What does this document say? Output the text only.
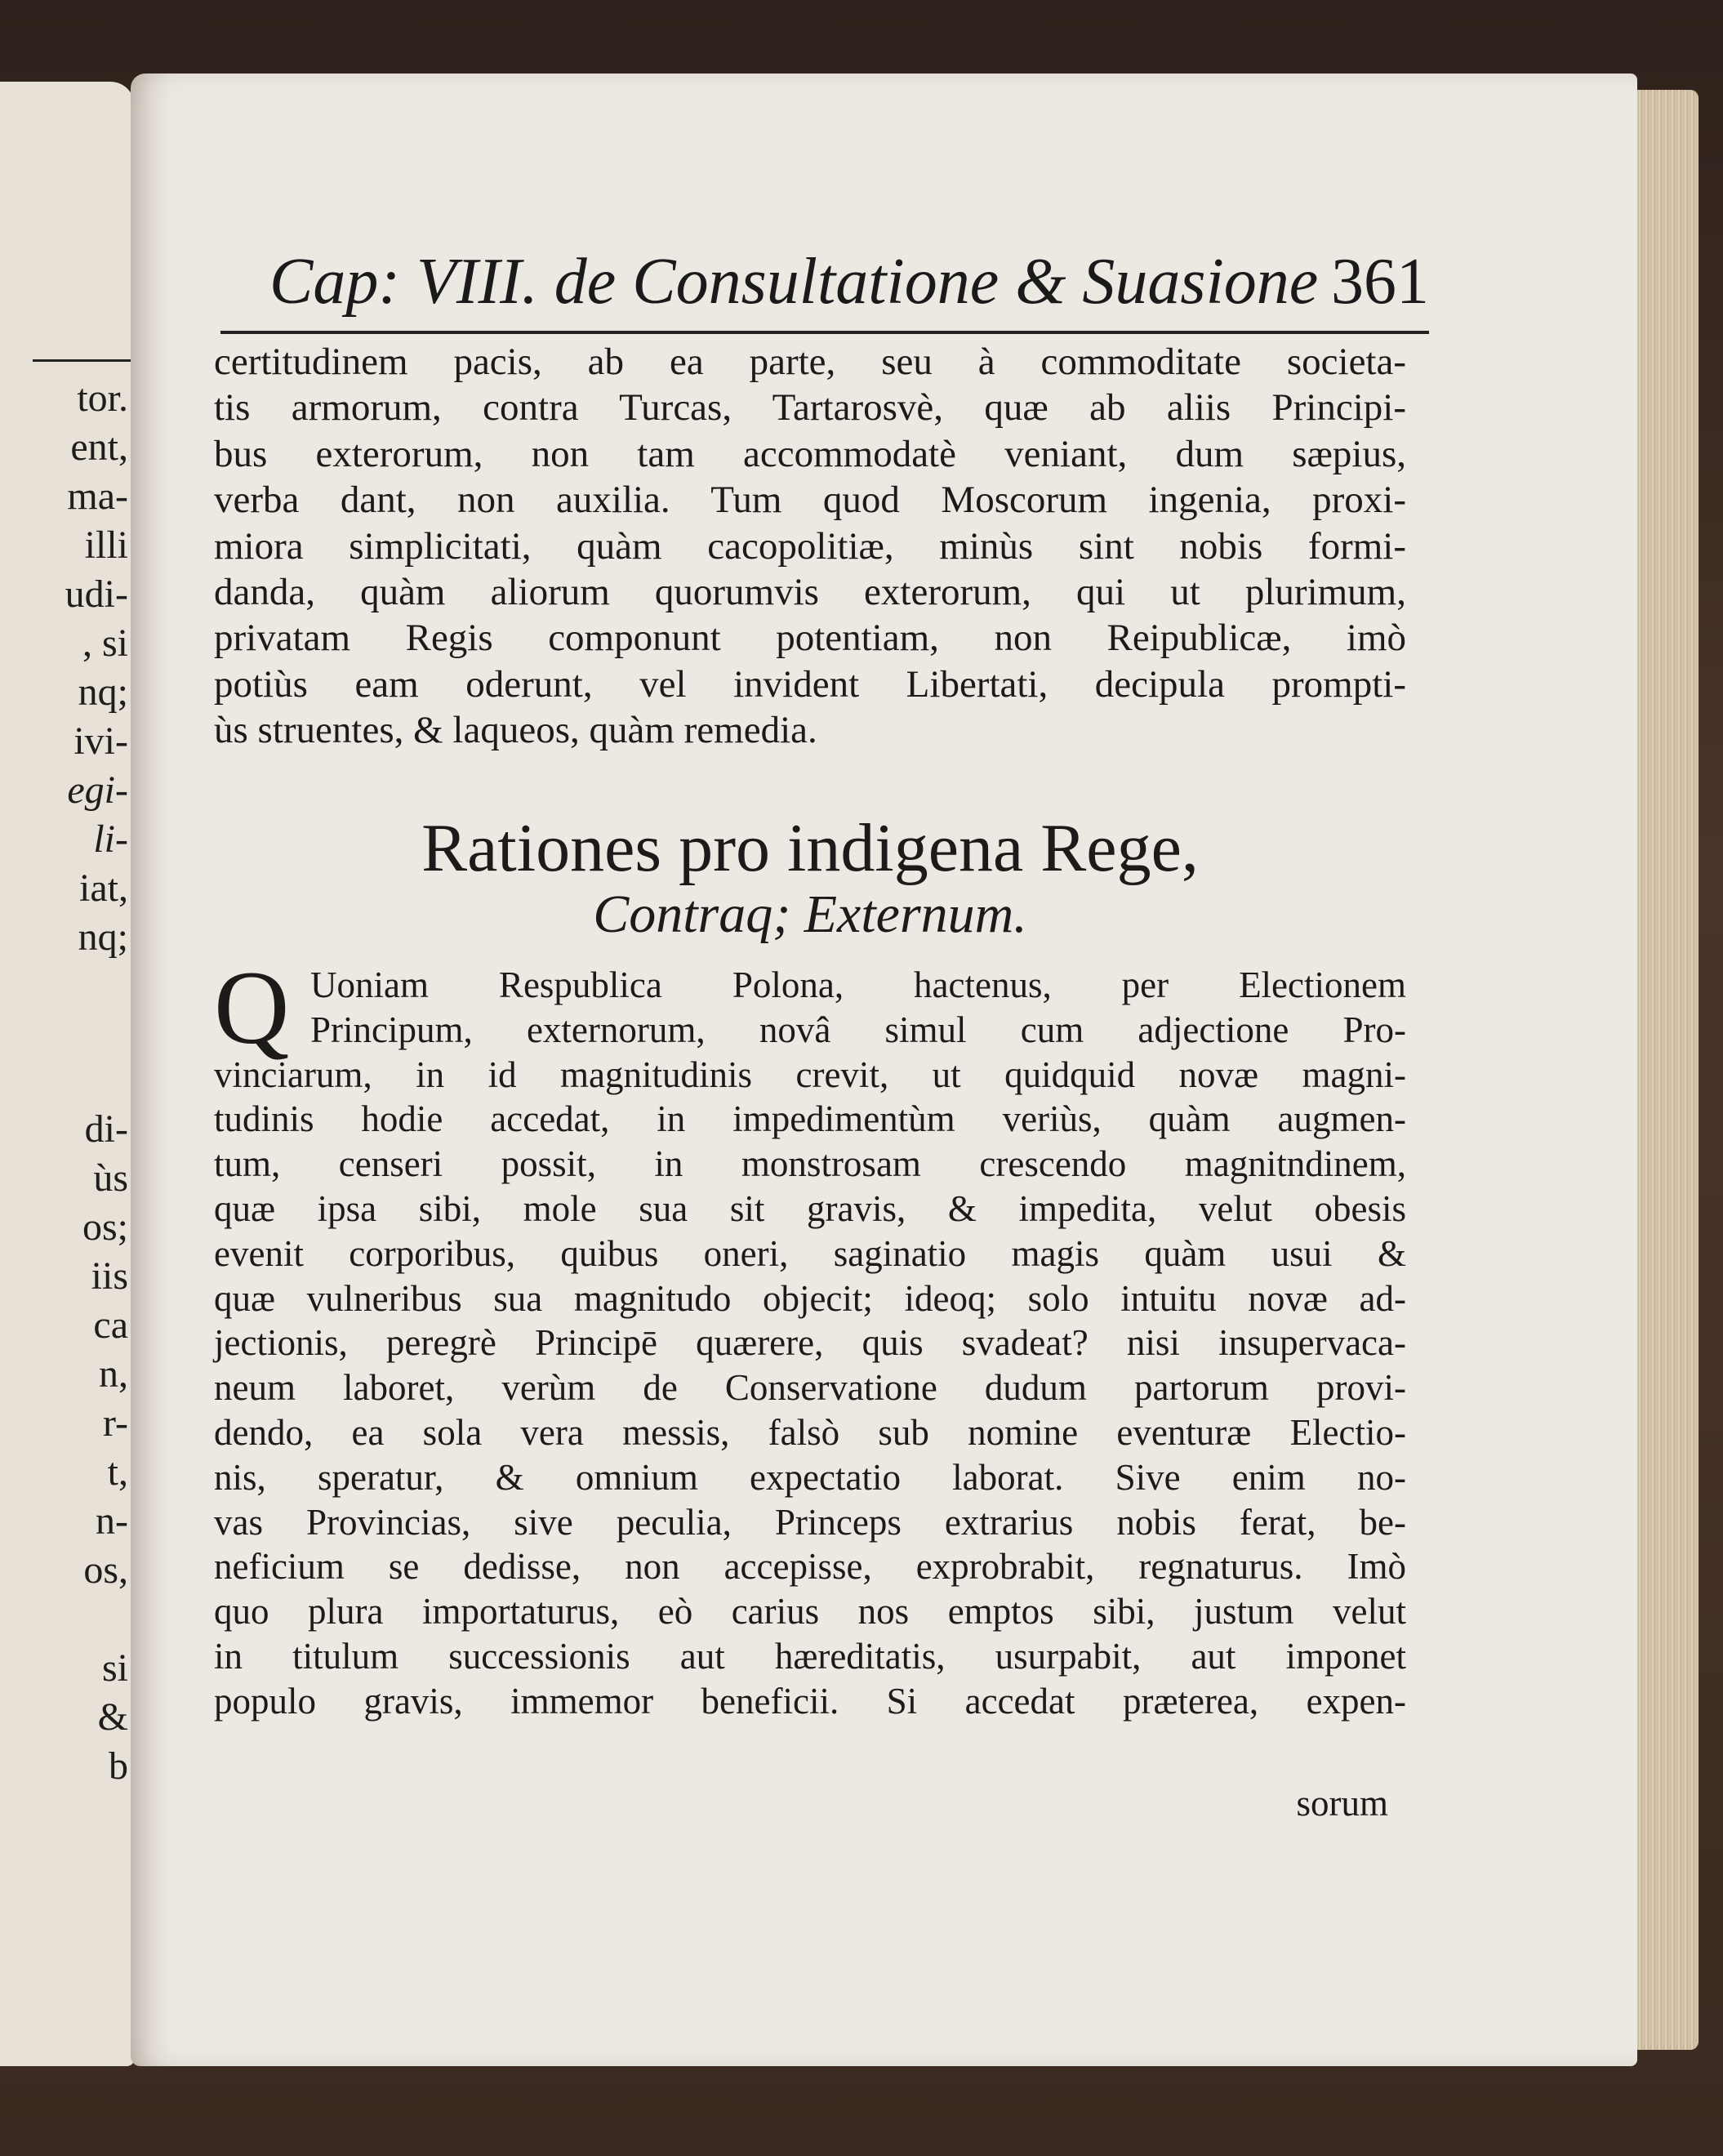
tor.
ent,
ma-
illi
udi-
, si
nq;
ivi-
egi-
li-
iat,
nq;
di-
ùs
os;
iis
ca
n,
r-
t,
n-
os,
si
&
b
Cap: VIII. de Consultatione & Suasione 361
certitudinem pacis, ab ea parte, seu à commoditate societa-
tis armorum, contra Turcas, Tartarosvè, quæ ab aliis Principi-
bus exterorum, non tam accommodatè veniant, dum sæpius,
verba dant, non auxilia. Tum quod Moscorum ingenia, proxi-
miora simplicitati, quàm cacopolitiæ, minùs sint nobis formi-
danda, quàm aliorum quorumvis exterorum, qui ut plurimum,
privatam Regis componunt potentiam, non Reipublicæ, imò
potiùs eam oderunt, vel invident Libertati, decipula prompti-
ùs struentes, & laqueos, quàm remedia.
Rationes pro indigena Rege,
Contraq; Externum.
Q Uoniam Respublica Polona, hactenus, per Electionem
Principum, externorum, novâ simul cum adjectione Pro-
vinciarum, in id magnitudinis crevit, ut quidquid novæ magni-
tudinis hodie accedat, in impedimentùm veriùs, quàm augmen-
tum, censeri possit, in monstrosam crescendo magnitndinem,
quæ ipsa sibi, mole sua sit gravis, & impedita, velut obesis
evenit corporibus, quibus oneri, saginatio magis quàm usui &
quæ vulneribus sua magnitudo objecit; ideoq; solo intuitu novæ ad-
jectionis, peregrè Principē quærere, quis svadeat? nisi insupervaca-
neum laboret, verùm de Conservatione dudum partorum provi-
dendo, ea sola vera messis, falsò sub nomine eventuræ Electio-
nis, speratur, & omnium expectatio laborat. Sive enim no-
vas Provincias, sive peculia, Princeps extrarius nobis ferat, be-
neficium se dedisse, non accepisse, exprobrabit, regnaturus. Imò
quo plura importaturus, eò carius nos emptos sibi, justum velut
in titulum successionis aut hæreditatis, usurpabit, aut imponet
populo gravis, immemor beneficii. Si accedat præterea, expen-
sorum
